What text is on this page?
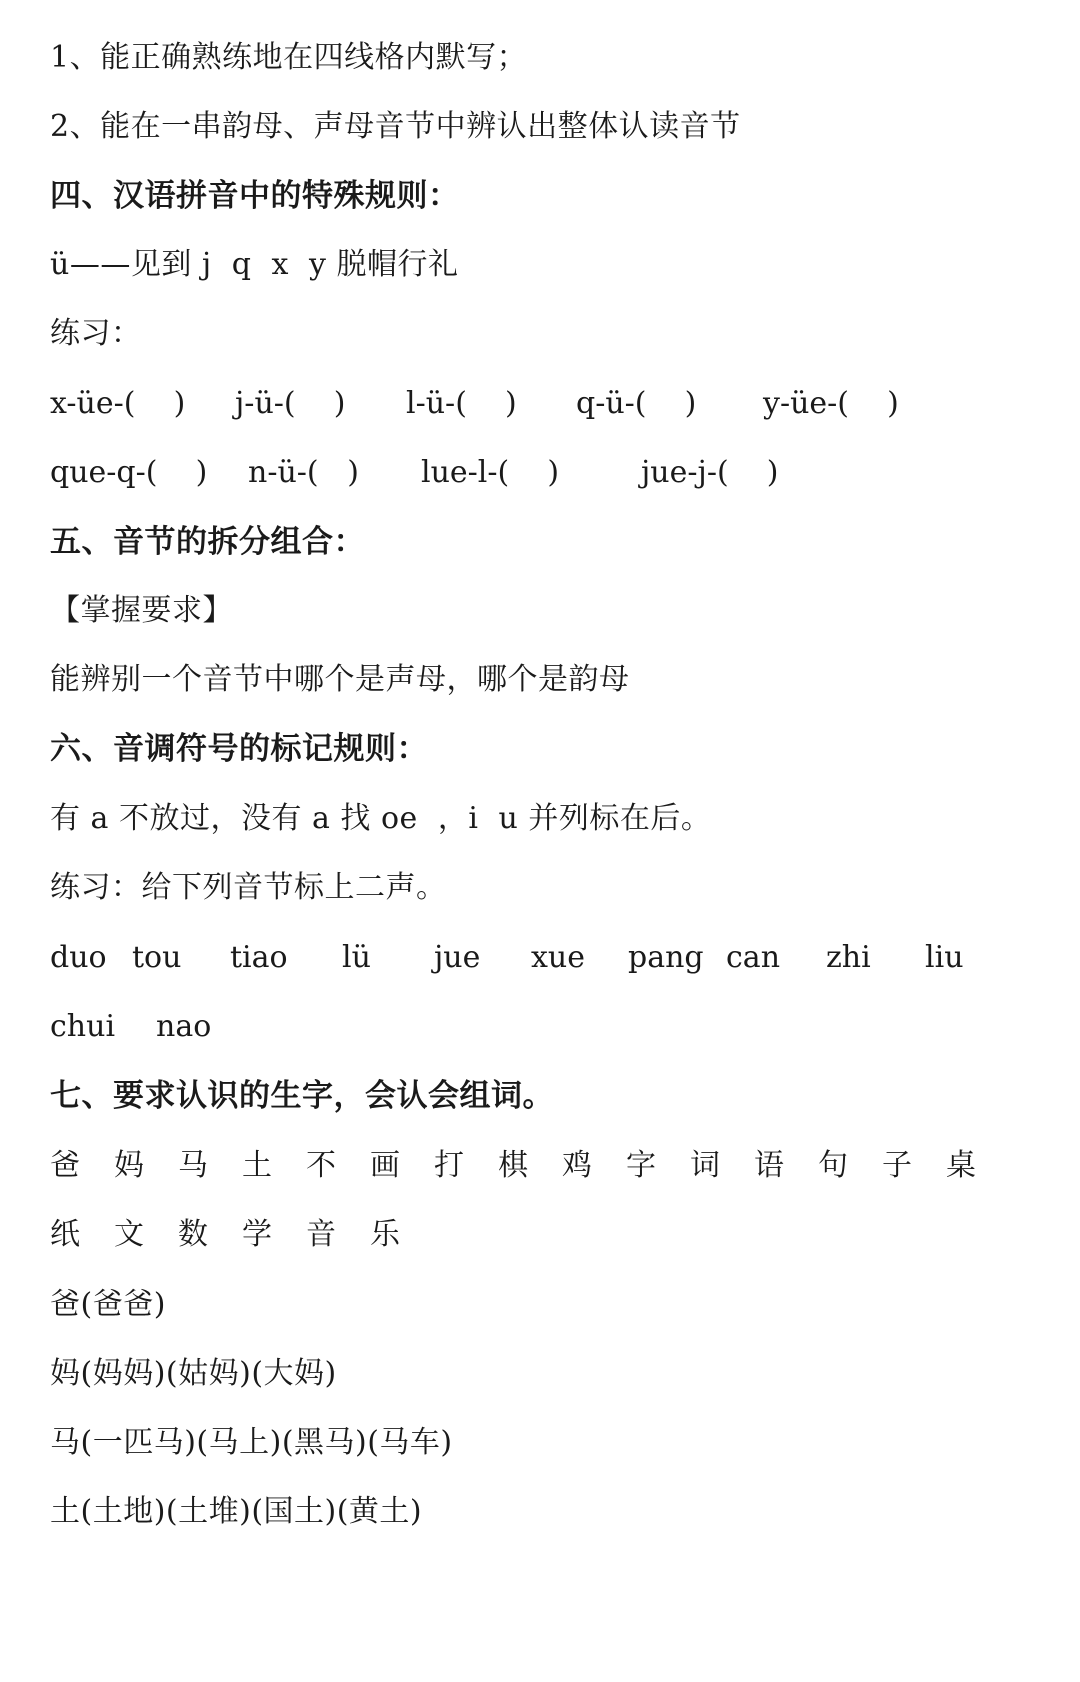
1、能正确熟练地在四线格内默写；
2、能在一串韵母、声母音节中辨认出整体认读音节
四、汉语拼音中的特殊规则：
ü——见到 j  q  x  y 脱帽行礼
练习：
x-üe-(    ) j-ü-(    ) l-ü-(    ) q-ü-(    ) y-üe-(    )
que-q-(    ) n-ü-(   ) lue-l-(    )	jue-j-(    )
五、音节的拆分组合：
【掌握要求】
能辨别一个音节中哪个是声母，哪个是韵母
六、音调符号的标记规则：
有 a 不放过，没有 a 找 oe  ，i  u 并列标在后。
练习：给下列音节标上二声。
duo tou tiao lü jue xue pang can zhi liu
chui nao
七、要求认识的生字，会认会组词。
爸 妈 马 土 不 画 打 棋 鸡 字 词 语 句 子 桌
纸 文 数 学 音 乐
爸(爸爸)
妈(妈妈)(姑妈)(大妈)
马(一匹马)(马上)(黑马)(马车)
土(土地)(土堆)(国土)(黄土)
